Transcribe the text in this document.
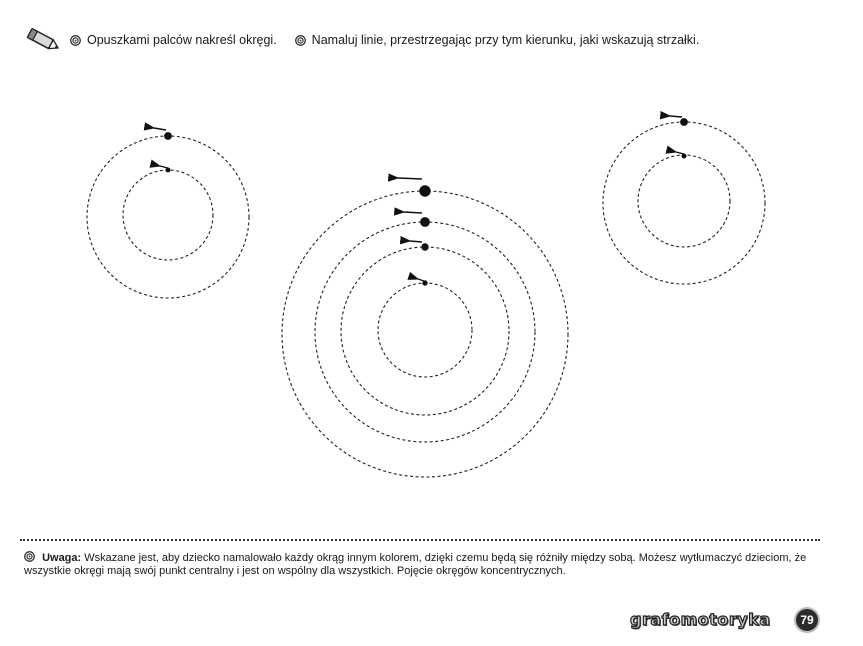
Opuszkami palców nakreśl okręgi.	Namaluj linie, przestrzegając przy tym kierunku, jaki wskazują strzałki.
Uwaga: Wskazane jest, aby dziecko namalowało każdy okrąg innym kolorem, dzięki czemu będą się różniły między sobą. Możesz wytłumaczyć dzieciom, że wszystkie okręgi mają swój punkt centralny i jest on wspólny dla wszystkich. Pojęcie okręgów koncentrycznych.
grafomotoryka	79
